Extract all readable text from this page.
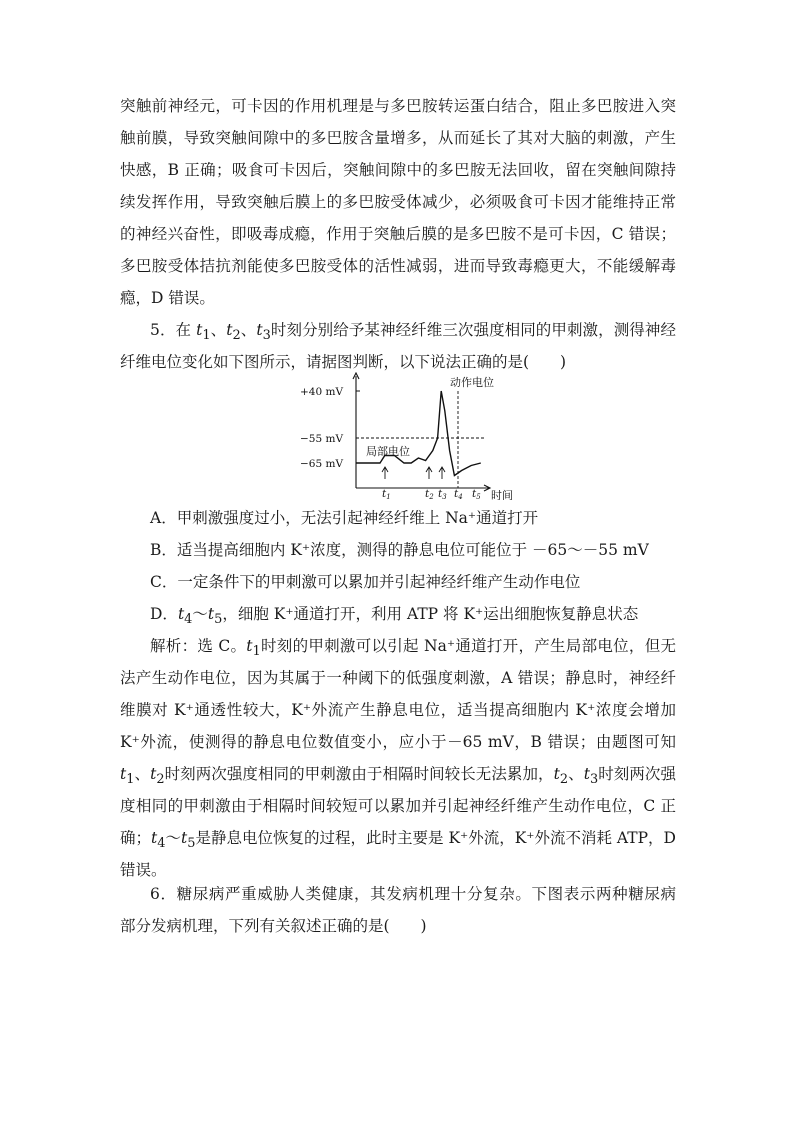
突触前神经元，可卡因的作用机理是与多巴胺转运蛋白结合，阻止多巴胺进入突
触前膜，导致突触间隙中的多巴胺含量增多，从而延长了其对大脑的刺激，产生
快感，B 正确；吸食可卡因后，突触间隙中的多巴胺无法回收，留在突触间隙持
续发挥作用，导致突触后膜上的多巴胺受体减少，必须吸食可卡因才能维持正常
的神经兴奋性，即吸毒成瘾，作用于突触后膜的是多巴胺不是可卡因，C 错误；
多巴胺受体拮抗剂能使多巴胺受体的活性减弱，进而导致毒瘾更大，不能缓解毒
瘾，D 错误。
5．在 $t_1$、$t_2$、$t_3$时刻分别给予某神经纤维三次强度相同的甲刺激，测得神经
纤维电位变化如下图所示，请据图判断，以下说法正确的是(　　)
动作电位
+40 mV
−55 mV
−65 mV
局部电位
t1	t2 t3 t4 t5 时间
A．甲刺激强度过小，无法引起神经纤维上 Na⁺通道打开
B．适当提高细胞内 K⁺浓度，测得的静息电位可能位于 －65～－55 mV
C．一定条件下的甲刺激可以累加并引起神经纤维产生动作电位
D．$t_4\sim t_5$，细胞 K⁺通道打开，利用 ATP 将 K⁺运出细胞恢复静息状态
解析：选 C。$t_1$时刻的甲刺激可以引起 Na⁺通道打开，产生局部电位，但无
法产生动作电位，因为其属于一种阈下的低强度刺激，A 错误；静息时，神经纤
维膜对 K⁺通透性较大，K⁺外流产生静息电位，适当提高细胞内 K⁺浓度会增加
K⁺外流，使测得的静息电位数值变小，应小于－65 mV，B 错误；由题图可知
$t_1$、$t_2$时刻两次强度相同的甲刺激由于相隔时间较长无法累加，$t_2$、$t_3$时刻两次强
度相同的甲刺激由于相隔时间较短可以累加并引起神经纤维产生动作电位，C 正
确；$t_4\sim t_5$是静息电位恢复的过程，此时主要是 K⁺外流，K⁺外流不消耗 ATP，D
错误。
6．糖尿病严重威胁人类健康，其发病机理十分复杂。下图表示两种糖尿病
部分发病机理，下列有关叙述正确的是(　　)
